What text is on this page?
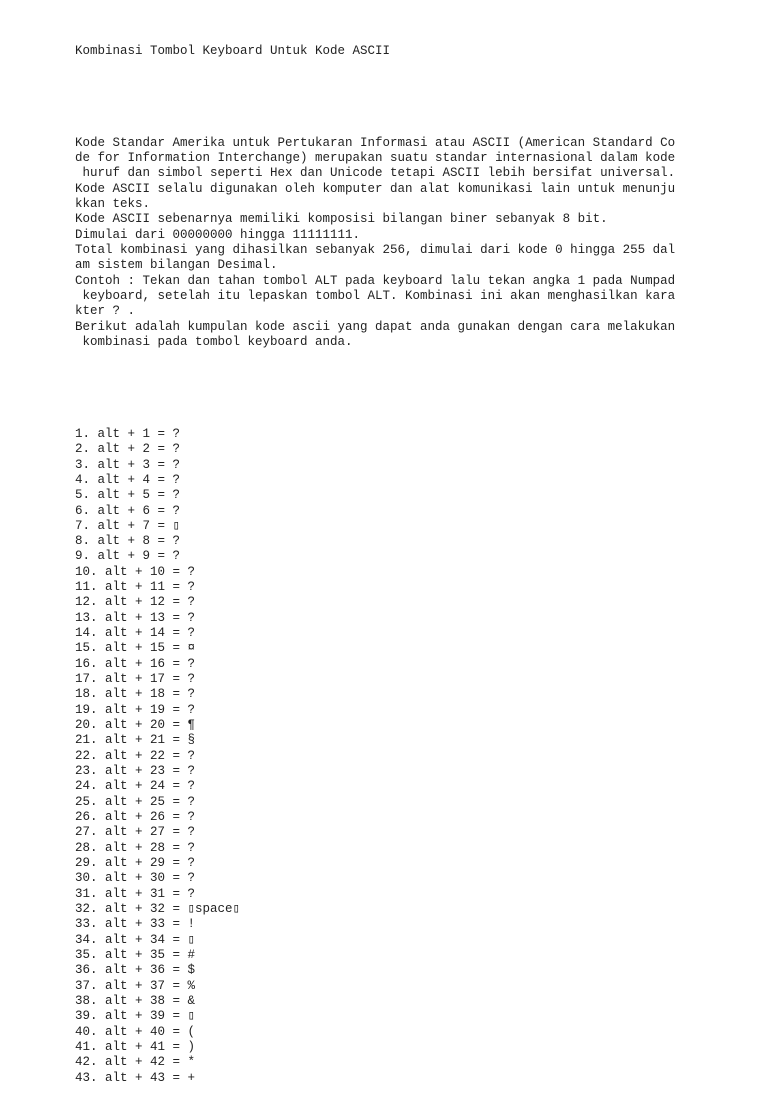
Kombinasi Tombol Keyboard Untuk Kode ASCII

Kode Standar Amerika untuk Pertukaran Informasi atau ASCII (American Standard Co
de for Information Interchange) merupakan suatu standar internasional dalam kode
huruf dan simbol seperti Hex dan Unicode tetapi ASCII lebih bersifat universal.
Kode ASCII selalu digunakan oleh komputer dan alat komunikasi lain untuk menunju
kkan teks.
Kode ASCII sebenarnya memiliki komposisi bilangan biner sebanyak 8 bit.
Dimulai dari 00000000 hingga 11111111.
Total kombinasi yang dihasilkan sebanyak 256, dimulai dari kode 0 hingga 255 dal
am sistem bilangan Desimal.
Contoh : Tekan dan tahan tombol ALT pada keyboard lalu tekan angka 1 pada Numpad
keyboard, setelah itu lepaskan tombol ALT. Kombinasi ini akan menghasilkan kara
kter ? .
Berikut adalah kumpulan kode ascii yang dapat anda gunakan dengan cara melakukan
kombinasi pada tombol keyboard anda.

1. alt + 1 = ?
2. alt + 2 = ?
3. alt + 3 = ?
4. alt + 4 = ?
5. alt + 5 = ?
6. alt + 6 = ?
7. alt + 7 = ▯
8. alt + 8 = ?
9. alt + 9 = ?
10. alt + 10 = ?
11. alt + 11 = ?
12. alt + 12 = ?
13. alt + 13 = ?
14. alt + 14 = ?
15. alt + 15 = ¤
16. alt + 16 = ?
17. alt + 17 = ?
18. alt + 18 = ?
19. alt + 19 = ?
20. alt + 20 = ¶
21. alt + 21 = §
22. alt + 22 = ?
23. alt + 23 = ?
24. alt + 24 = ?
25. alt + 25 = ?
26. alt + 26 = ?
27. alt + 27 = ?
28. alt + 28 = ?
29. alt + 29 = ?
30. alt + 30 = ?
31. alt + 31 = ?
32. alt + 32 = ▯space▯
33. alt + 33 = !
34. alt + 34 = ▯
35. alt + 35 = #
36. alt + 36 = $
37. alt + 37 = %
38. alt + 38 = &
39. alt + 39 = ▯
40. alt + 40 = (
41. alt + 41 = )
42. alt + 42 = *
43. alt + 43 = +
